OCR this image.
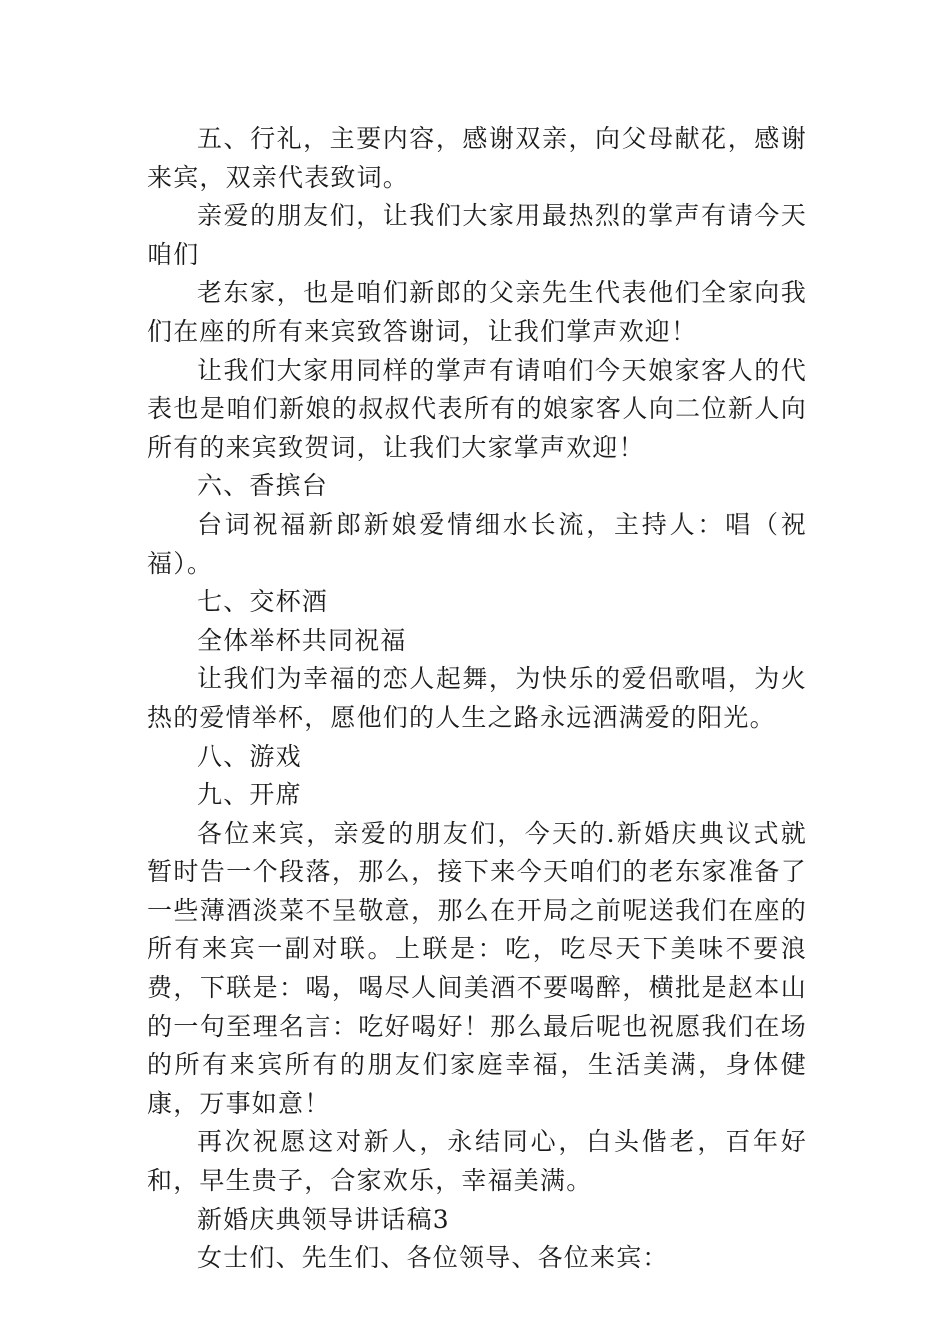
五、行礼，主要内容，感谢双亲，向父母献花，感谢来宾，双亲代表致词。

亲爱的朋友们，让我们大家用最热烈的掌声有请今天咱们

老东家，也是咱们新郎的父亲先生代表他们全家向我们在座的所有来宾致答谢词，让我们掌声欢迎！

让我们大家用同样的掌声有请咱们今天娘家客人的代表也是咱们新娘的叔叔代表所有的娘家客人向二位新人向所有的来宾致贺词，让我们大家掌声欢迎！

六、香摈台

台词祝福新郎新娘爱情细水长流，主持人：唱（祝福）。

七、交杯酒

全体举杯共同祝福

让我们为幸福的恋人起舞，为快乐的爱侣歌唱，为火热的爱情举杯，愿他们的人生之路永远洒满爱的阳光。

八、游戏

九、开席

各位来宾，亲爱的朋友们，今天的.新婚庆典议式就暂时告一个段落，那么，接下来今天咱们的老东家准备了一些薄酒淡菜不呈敬意，那么在开局之前呢送我们在座的所有来宾一副对联。上联是：吃，吃尽天下美味不要浪费，下联是：喝，喝尽人间美酒不要喝醉，横批是赵本山的一句至理名言：吃好喝好！那么最后呢也祝愿我们在场的所有来宾所有的朋友们家庭幸福，生活美满，身体健康，万事如意！

再次祝愿这对新人，永结同心，白头偕老，百年好和，早生贵子，合家欢乐，幸福美满。

新婚庆典领导讲话稿3

女士们、先生们、各位领导、各位来宾：
